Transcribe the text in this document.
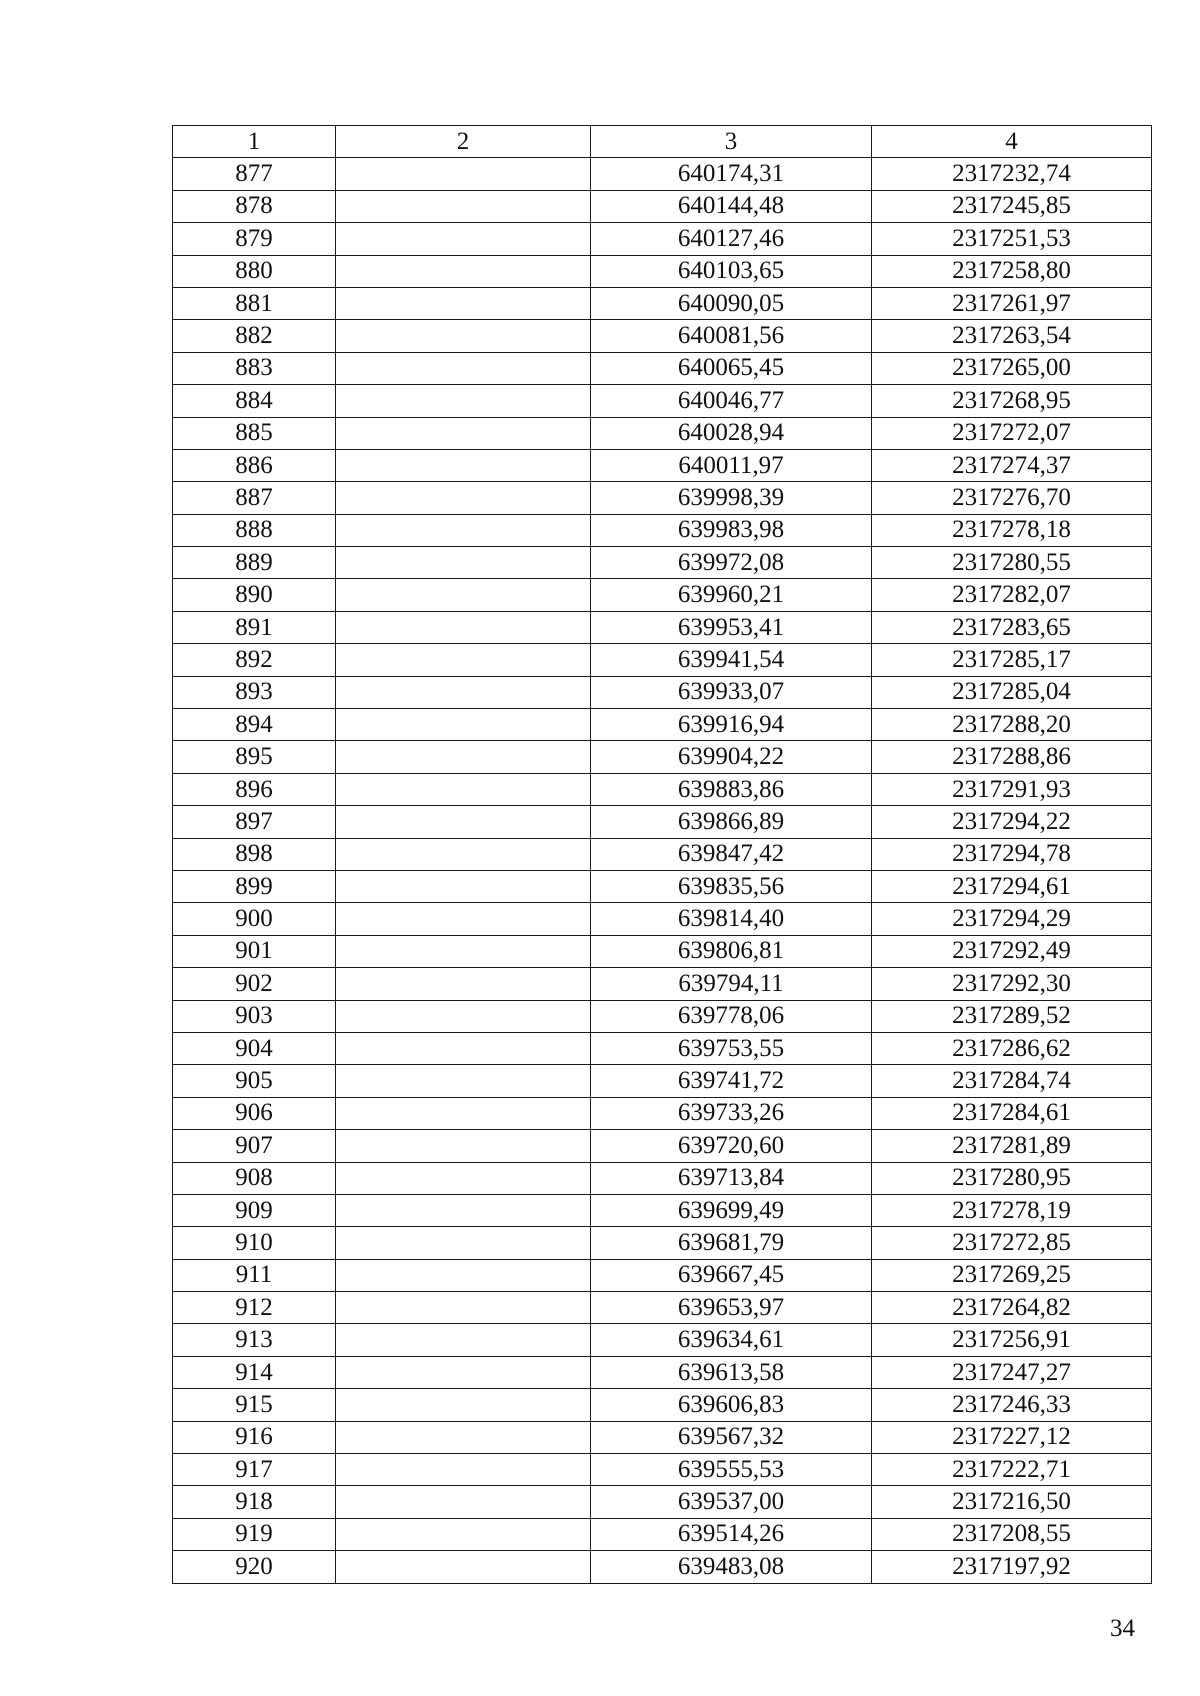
1	2	3	4
877		640174,31	2317232,74
878		640144,48	2317245,85
879		640127,46	2317251,53
880		640103,65	2317258,80
881		640090,05	2317261,97
882		640081,56	2317263,54
883		640065,45	2317265,00
884		640046,77	2317268,95
885		640028,94	2317272,07
886		640011,97	2317274,37
887		639998,39	2317276,70
888		639983,98	2317278,18
889		639972,08	2317280,55
890		639960,21	2317282,07
891		639953,41	2317283,65
892		639941,54	2317285,17
893		639933,07	2317285,04
894		639916,94	2317288,20
895		639904,22	2317288,86
896		639883,86	2317291,93
897		639866,89	2317294,22
898		639847,42	2317294,78
899		639835,56	2317294,61
900		639814,40	2317294,29
901		639806,81	2317292,49
902		639794,11	2317292,30
903		639778,06	2317289,52
904		639753,55	2317286,62
905		639741,72	2317284,74
906		639733,26	2317284,61
907		639720,60	2317281,89
908		639713,84	2317280,95
909		639699,49	2317278,19
910		639681,79	2317272,85
911		639667,45	2317269,25
912		639653,97	2317264,82
913		639634,61	2317256,91
914		639613,58	2317247,27
915		639606,83	2317246,33
916		639567,32	2317227,12
917		639555,53	2317222,71
918		639537,00	2317216,50
919		639514,26	2317208,55
920		639483,08	2317197,92
34
